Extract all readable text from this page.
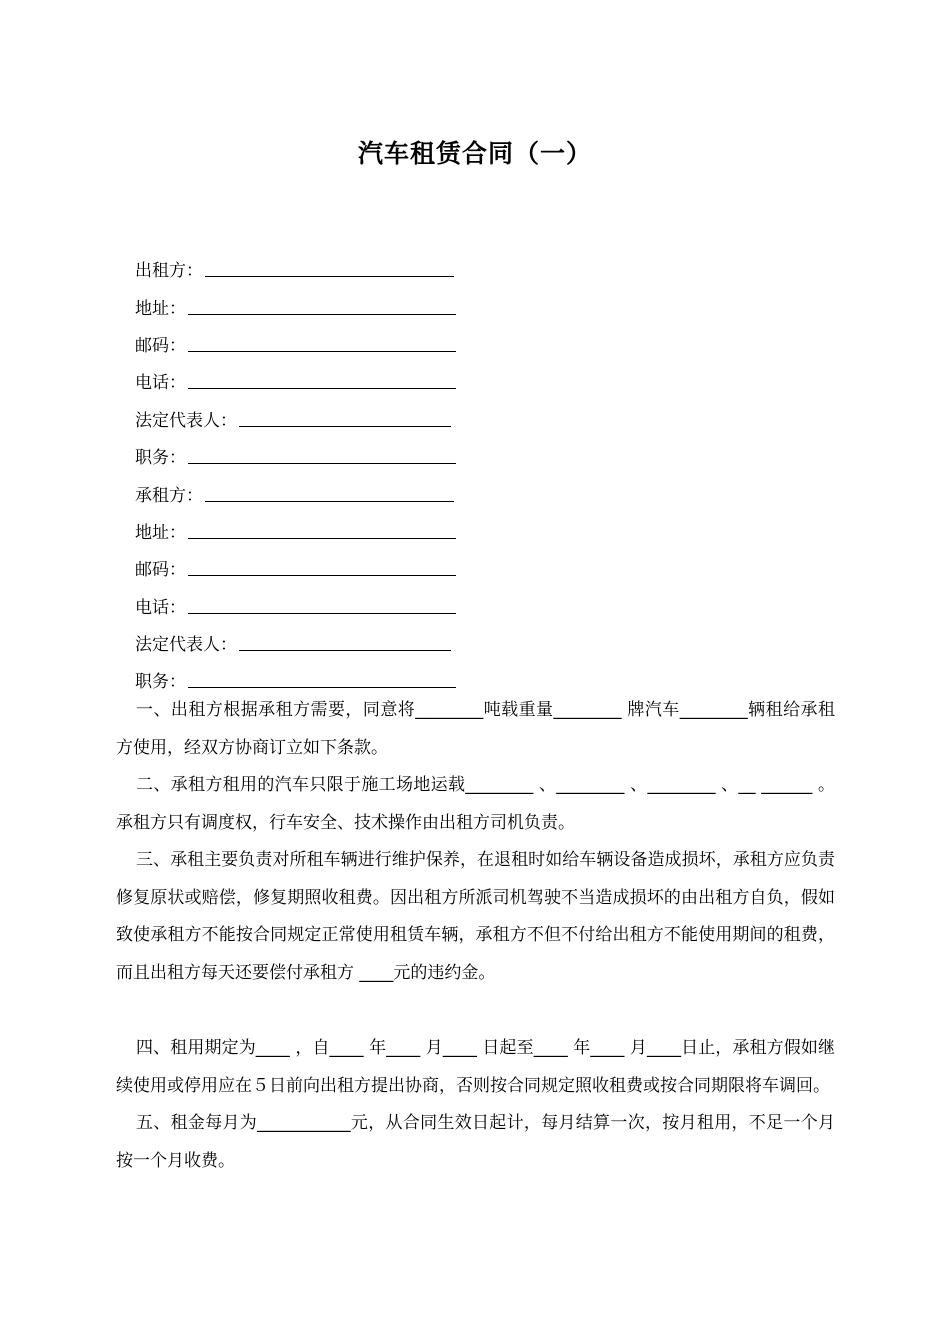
汽车租赁合同（一）
出租方：
地址：
邮码：
电话：
法定代表人：
职务：
承租方：
地址：
邮码：
电话：
法定代表人：
职务：

一、出租方根据承租方需要，同意将________吨载重量________ 牌汽车________辆租给承租方使用，经双方协商订立如下条款。

二、承租方租用的汽车只限于施工场地运载________ 、________ 、________ 、__ ______ 。承租方只有调度权，行车安全、技术操作由出租方司机负责。

三、承租主要负责对所租车辆进行维护保养，在退租时如给车辆设备造成损坏，承租方应负责修复原状或赔偿，修复期照收租费。因出租方所派司机驾驶不当造成损坏的由出租方自负，假如致使承租方不能按合同规定正常使用租赁车辆，承租方不但不付给出租方不能使用期间的租费，而且出租方每天还要偿付承租方 ____元的违约金。

四、租用期定为____ ，自____ 年____ 月____ 日起至____ 年____ 月____日止，承租方假如继续使用或停用应在５日前向出租方提出协商，否则按合同规定照收租费或按合同期限将车调回。

五、租金每月为___________元，从合同生效日起计，每月结算一次，按月租用，不足一个月按一个月收费。
